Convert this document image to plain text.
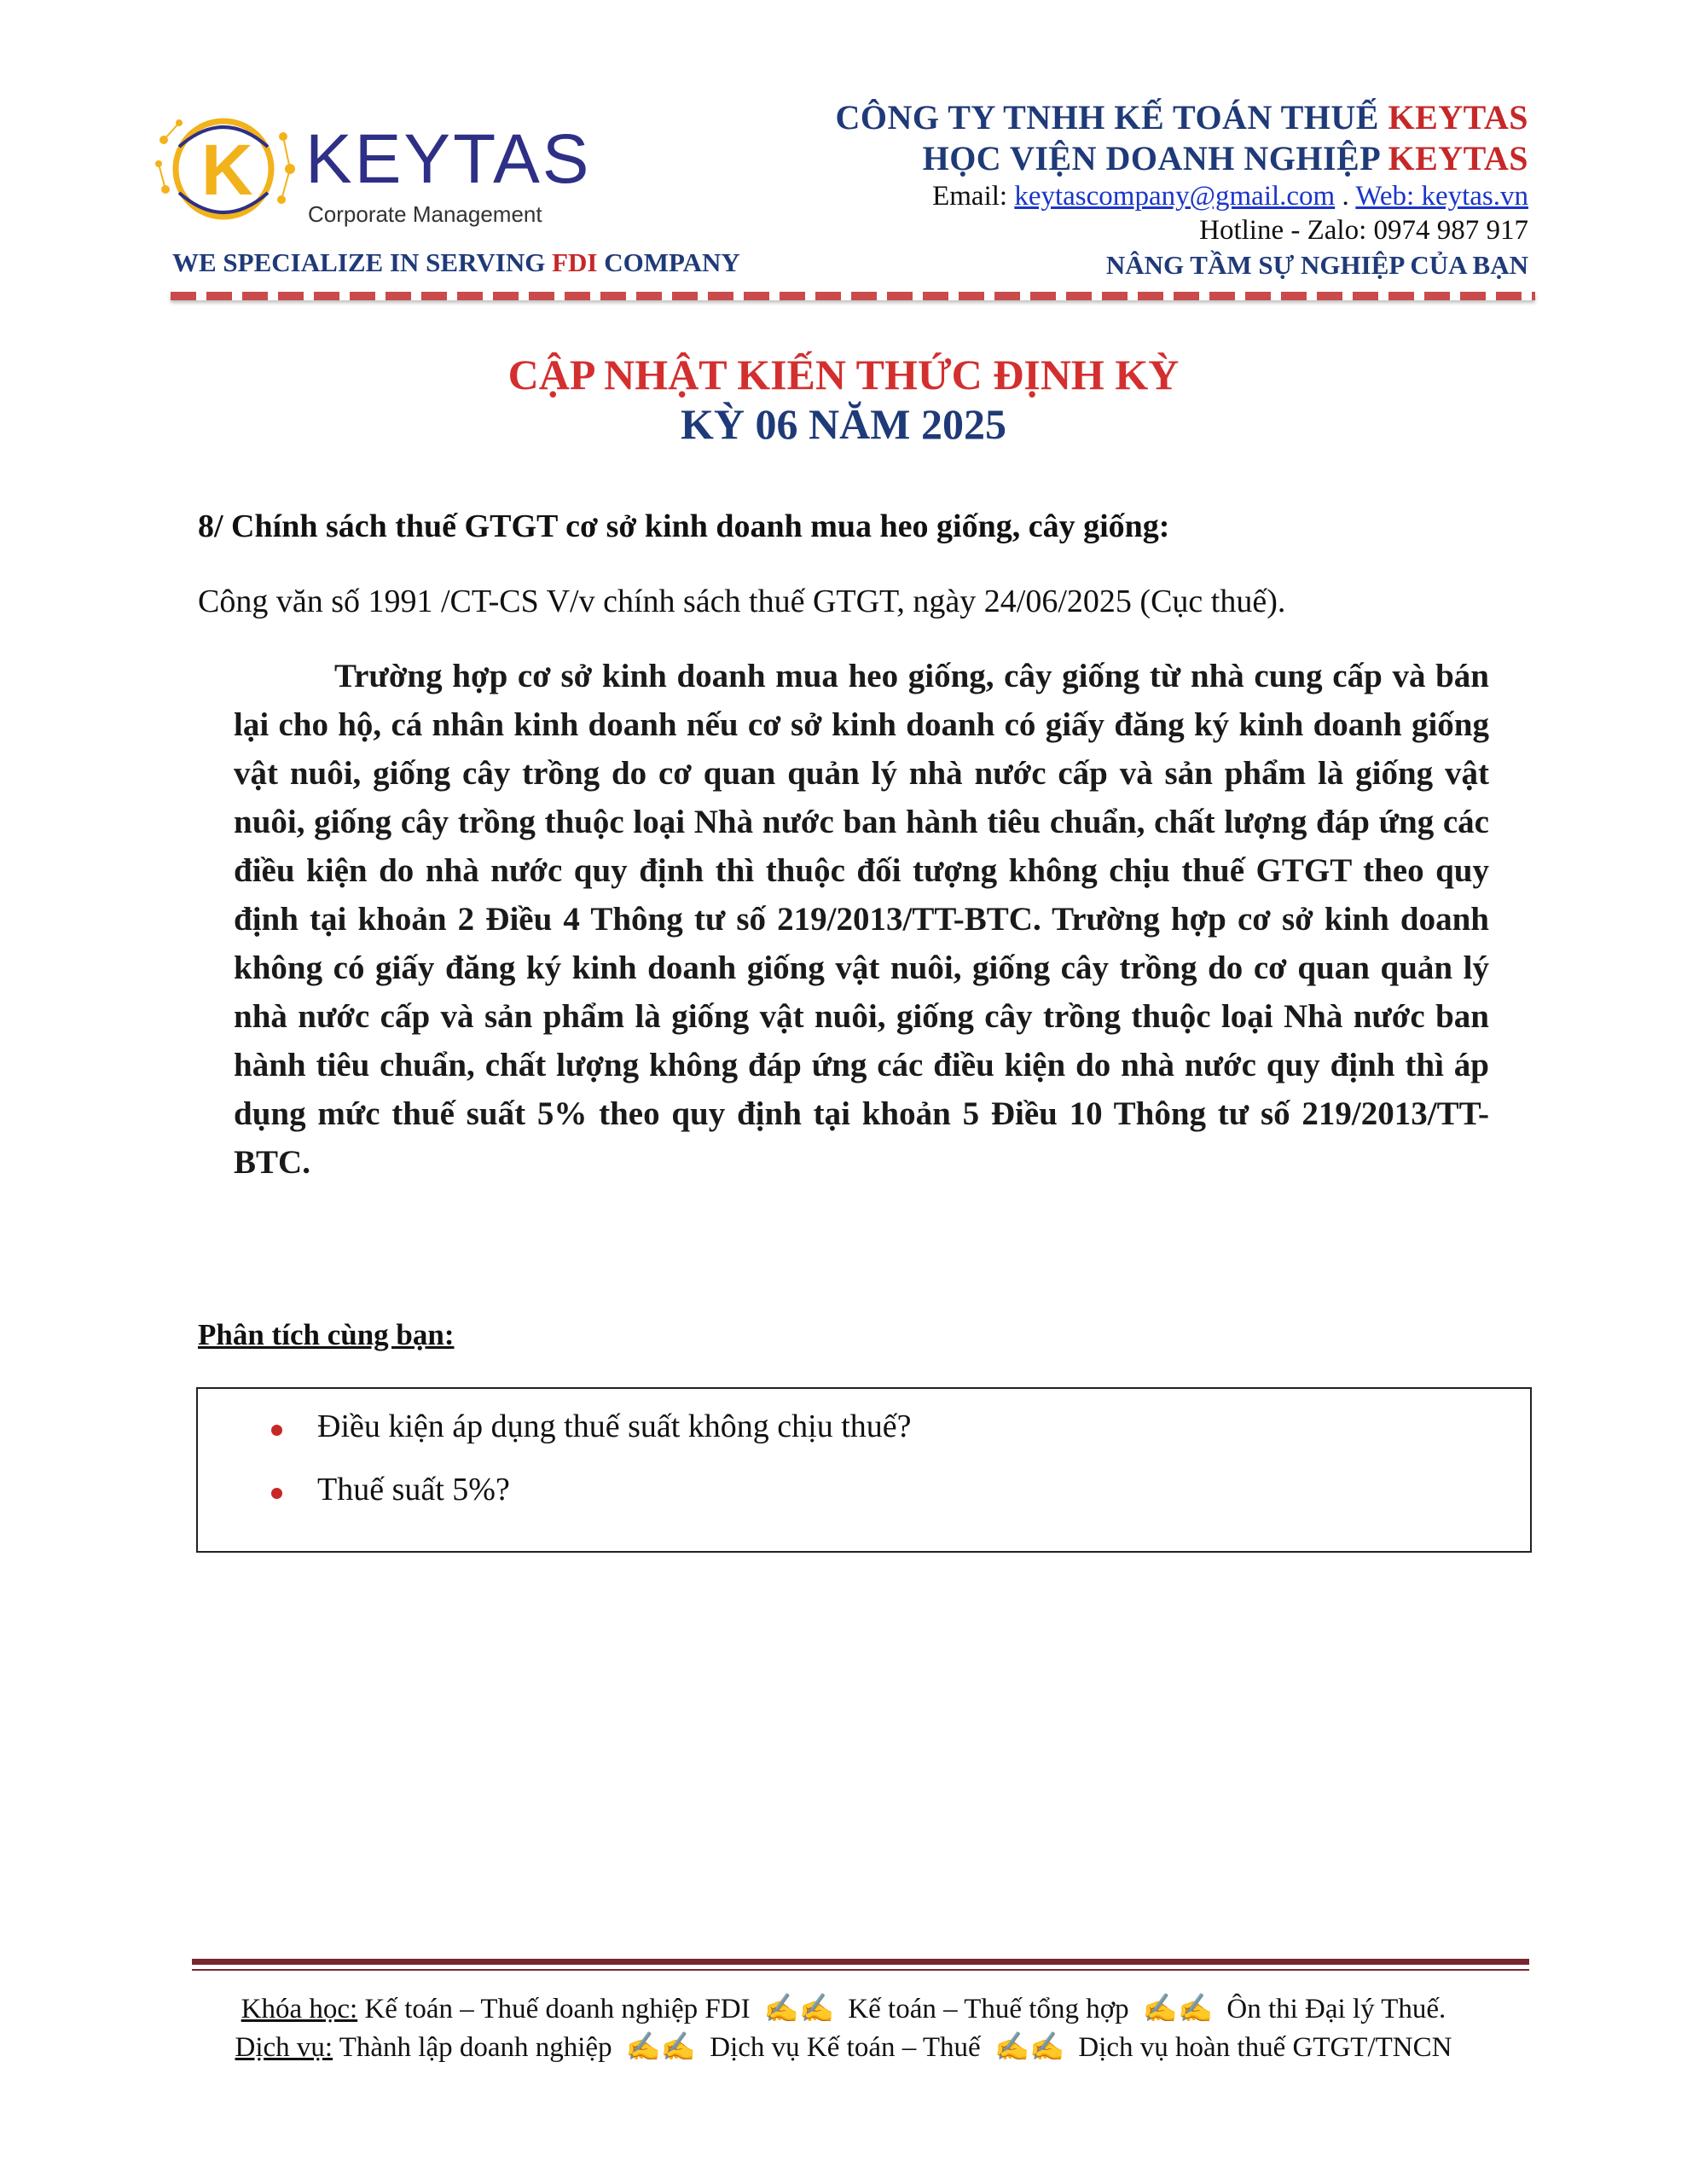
K KEYTAS
Corporate Management
WE SPECIALIZE IN SERVING FDI COMPANY
CÔNG TY TNHH KẾ TOÁN THUẾ KEYTAS
HỌC VIỆN DOANH NGHIỆP KEYTAS
Email: keytascompany@gmail.com . Web: keytas.vn
Hotline - Zalo: 0974 987 917
NÂNG TẦM SỰ NGHIỆP CỦA BẠN
CẬP NHẬT KIẾN THỨC ĐỊNH KỲ
KỲ 06 NĂM 2025
8/ Chính sách thuế GTGT cơ sở kinh doanh mua heo giống, cây giống:
Công văn số 1991 /CT-CS V/v chính sách thuế GTGT, ngày 24/06/2025 (Cục thuế).
Trường hợp cơ sở kinh doanh mua heo giống, cây giống từ nhà cung cấp và bán lại cho hộ, cá nhân kinh doanh nếu cơ sở kinh doanh có giấy đăng ký kinh doanh giống vật nuôi, giống cây trồng do cơ quan quản lý nhà nước cấp và sản phẩm là giống vật nuôi, giống cây trồng thuộc loại Nhà nước ban hành tiêu chuẩn, chất lượng đáp ứng các điều kiện do nhà nước quy định thì thuộc đối tượng không chịu thuế GTGT theo quy định tại khoản 2 Điều 4 Thông tư số 219/2013/TT-BTC. Trường hợp cơ sở kinh doanh không có giấy đăng ký kinh doanh giống vật nuôi, giống cây trồng do cơ quan quản lý nhà nước cấp và sản phẩm là giống vật nuôi, giống cây trồng thuộc loại Nhà nước ban hành tiêu chuẩn, chất lượng không đáp ứng các điều kiện do nhà nước quy định thì áp dụng mức thuế suất 5% theo quy định tại khoản 5 Điều 10 Thông tư số 219/2013/TT-BTC.
Phân tích cùng bạn:
Điều kiện áp dụng thuế suất không chịu thuế?
Thuế suất 5%?
Khóa học: Kế toán – Thuế doanh nghiệp FDI ✍✍ Kế toán – Thuế tổng hợp ✍✍ Ôn thi Đại lý Thuế.
Dịch vụ: Thành lập doanh nghiệp ✍✍ Dịch vụ Kế toán – Thuế ✍✍ Dịch vụ hoàn thuế GTGT/TNCN
